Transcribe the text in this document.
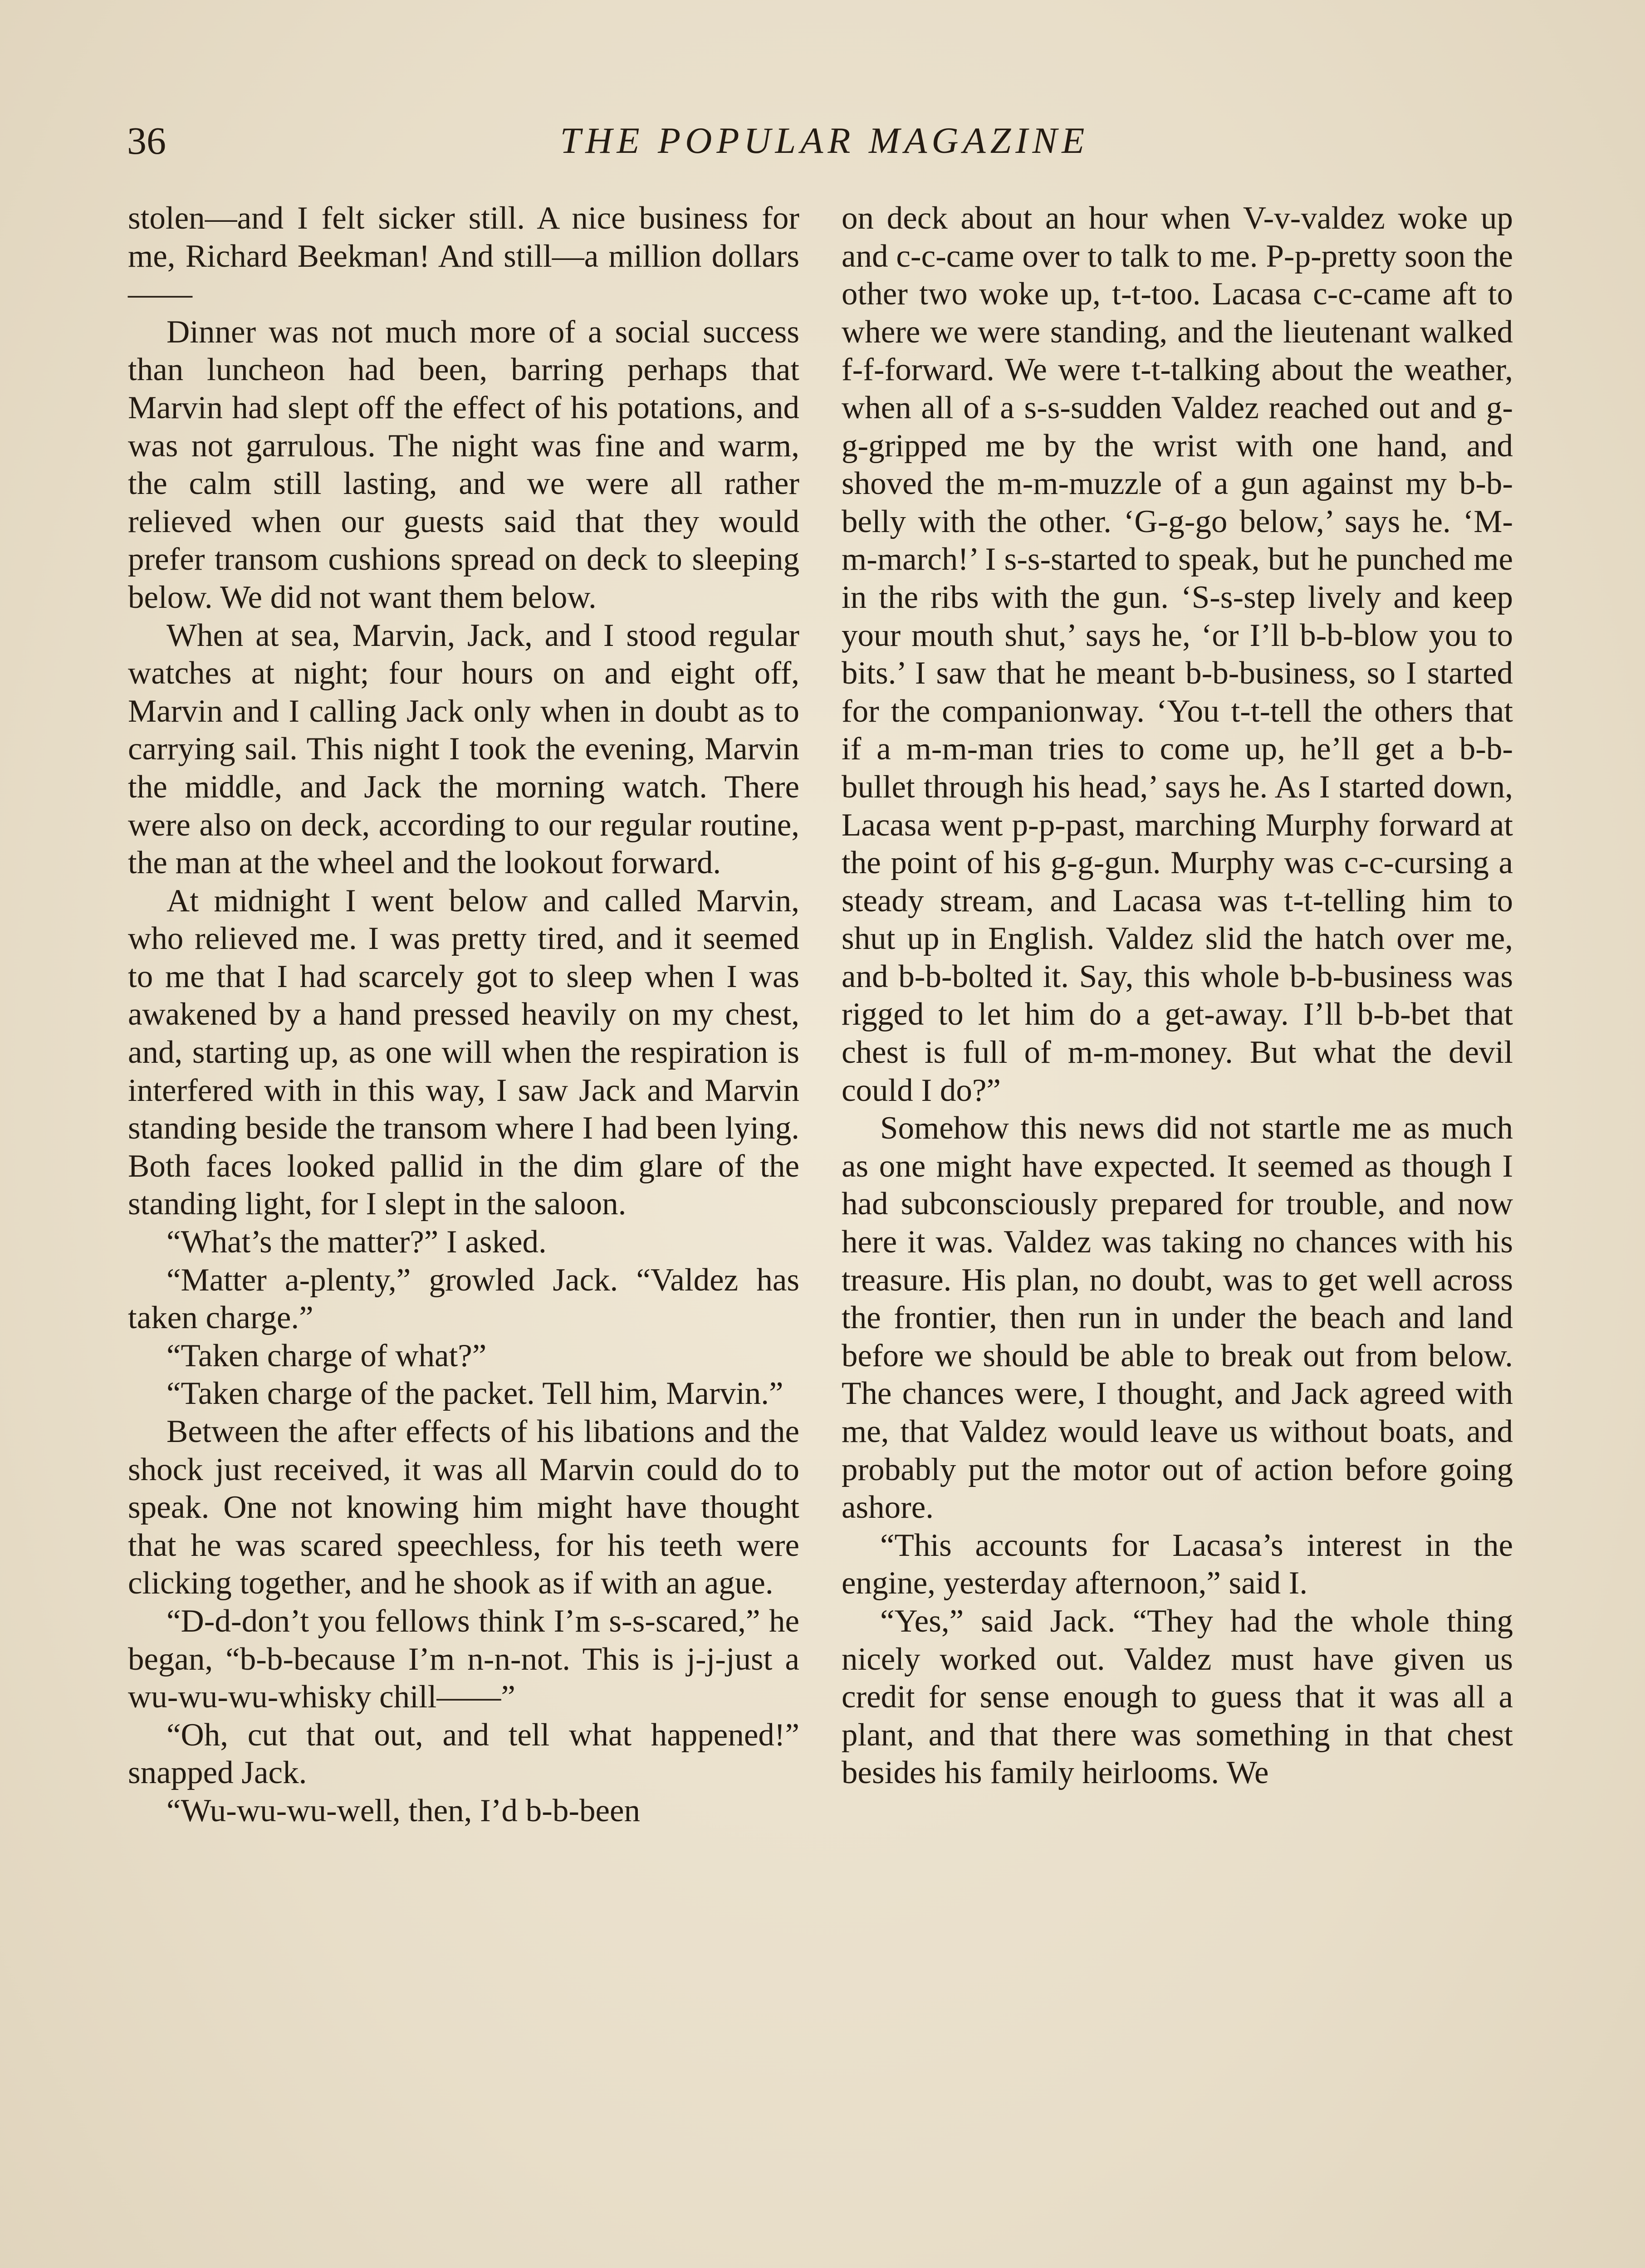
36	THE POPULAR MAGAZINE

stolen—and I felt sicker still. A nice business for me, Richard Beekman! And still—a million dollars——

Dinner was not much more of a social success than luncheon had been, barring perhaps that Marvin had slept off the effect of his potations, and was not garrulous. The night was fine and warm, the calm still lasting, and we were all rather relieved when our guests said that they would prefer transom cushions spread on deck to sleeping below. We did not want them below.

When at sea, Marvin, Jack, and I stood regular watches at night; four hours on and eight off, Marvin and I calling Jack only when in doubt as to carrying sail. This night I took the evening, Marvin the middle, and Jack the morning watch. There were also on deck, according to our regular routine, the man at the wheel and the lookout forward.

At midnight I went below and called Marvin, who relieved me. I was pretty tired, and it seemed to me that I had scarcely got to sleep when I was awakened by a hand pressed heavily on my chest, and, starting up, as one will when the respiration is interfered with in this way, I saw Jack and Marvin standing beside the transom where I had been lying. Both faces looked pallid in the dim glare of the standing light, for I slept in the saloon.

“What’s the matter?” I asked.

“Matter a-plenty,” growled Jack. “Valdez has taken charge.”

“Taken charge of what?”

“Taken charge of the packet. Tell him, Marvin.”

Between the after effects of his libations and the shock just received, it was all Marvin could do to speak. One not knowing him might have thought that he was scared speechless, for his teeth were clicking together, and he shook as if with an ague.

“D-d-don’t you fellows think I’m s-s-scared,” he began, “b-b-because I’m n-n-not. This is j-j-just a wu-wu-wu-whisky chill——”

“Oh, cut that out, and tell what happened!” snapped Jack.

“Wu-wu-wu-well, then, I’d b-b-been

on deck about an hour when V-v-valdez woke up and c-c-came over to talk to me. P-p-pretty soon the other two woke up, t-t-too. Lacasa c-c-came aft to where we were standing, and the lieutenant walked f-f-forward. We were t-t-talking about the weather, when all of a s-s-sudden Valdez reached out and g-g-gripped me by the wrist with one hand, and shoved the m-m-muzzle of a gun against my b-b-belly with the other. ‘G-g-go below,’ says he. ‘M-m-march!’ I s-s-started to speak, but he punched me in the ribs with the gun. ‘S-s-step lively and keep your mouth shut,’ says he, ‘or I’ll b-b-blow you to bits.’ I saw that he meant b-b-business, so I started for the companionway. ‘You t-t-tell the others that if a m-m-man tries to come up, he’ll get a b-b-bullet through his head,’ says he. As I started down, Lacasa went p-p-past, marching Murphy forward at the point of his g-g-gun. Murphy was c-c-cursing a steady stream, and Lacasa was t-t-telling him to shut up in English. Valdez slid the hatch over me, and b-b-bolted it. Say, this whole b-b-business was rigged to let him do a get-away. I’ll b-b-bet that chest is full of m-m-money. But what the devil could I do?”

Somehow this news did not startle me as much as one might have expected. It seemed as though I had subconsciously prepared for trouble, and now here it was. Valdez was taking no chances with his treasure. His plan, no doubt, was to get well across the frontier, then run in under the beach and land before we should be able to break out from below. The chances were, I thought, and Jack agreed with me, that Valdez would leave us without boats, and probably put the motor out of action before going ashore.

“This accounts for Lacasa’s interest in the engine, yesterday afternoon,” said I.

“Yes,” said Jack. “They had the whole thing nicely worked out. Valdez must have given us credit for sense enough to guess that it was all a plant, and that there was something in that chest besides his family heirlooms. We
